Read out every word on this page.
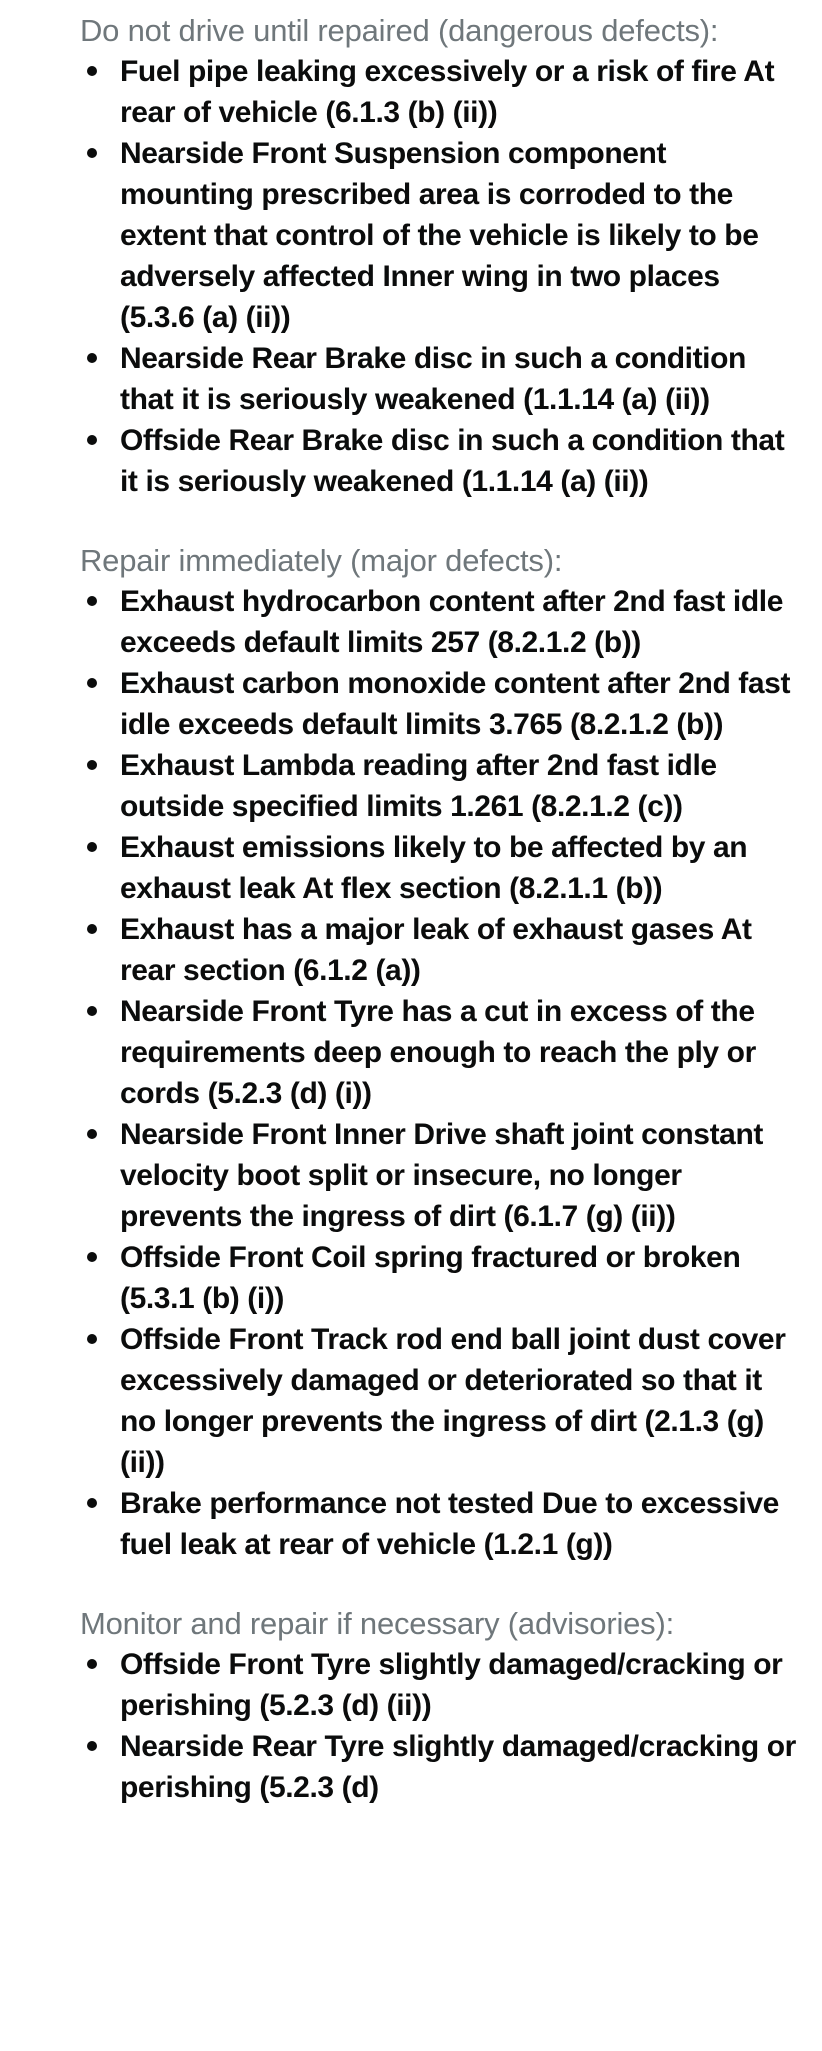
Do not drive until repaired (dangerous defects):

Fuel pipe leaking excessively or a risk of fire At rear of vehicle (6.1.3 (b) (ii))
Nearside Front Suspension component mounting prescribed area is corroded to the extent that control of the vehicle is likely to be adversely affected Inner wing in two places (5.3.6 (a) (ii))
Nearside Rear Brake disc in such a condition that it is seriously weakened (1.1.14 (a) (ii))
Offside Rear Brake disc in such a condition that it is seriously weakened (1.1.14 (a) (ii))

Repair immediately (major defects):

Exhaust hydrocarbon content after 2nd fast idle exceeds default limits 257 (8.2.1.2 (b))
Exhaust carbon monoxide content after 2nd fast idle exceeds default limits 3.765 (8.2.1.2 (b))
Exhaust Lambda reading after 2nd fast idle outside specified limits 1.261 (8.2.1.2 (c))
Exhaust emissions likely to be affected by an exhaust leak At flex section (8.2.1.1 (b))
Exhaust has a major leak of exhaust gases At rear section (6.1.2 (a))
Nearside Front Tyre has a cut in excess of the requirements deep enough to reach the ply or cords (5.2.3 (d) (i))
Nearside Front Inner Drive shaft joint constant velocity boot split or insecure, no longer prevents the ingress of dirt (6.1.7 (g) (ii))
Offside Front Coil spring fractured or broken (5.3.1 (b) (i))
Offside Front Track rod end ball joint dust cover excessively damaged or deteriorated so that it no longer prevents the ingress of dirt (2.1.3 (g) (ii))
Brake performance not tested Due to excessive fuel leak at rear of vehicle (1.2.1 (g))

Monitor and repair if necessary (advisories):

Offside Front Tyre slightly damaged/cracking or perishing (5.2.3 (d) (ii))
Nearside Rear Tyre slightly damaged/cracking or perishing (5.2.3 (d)
